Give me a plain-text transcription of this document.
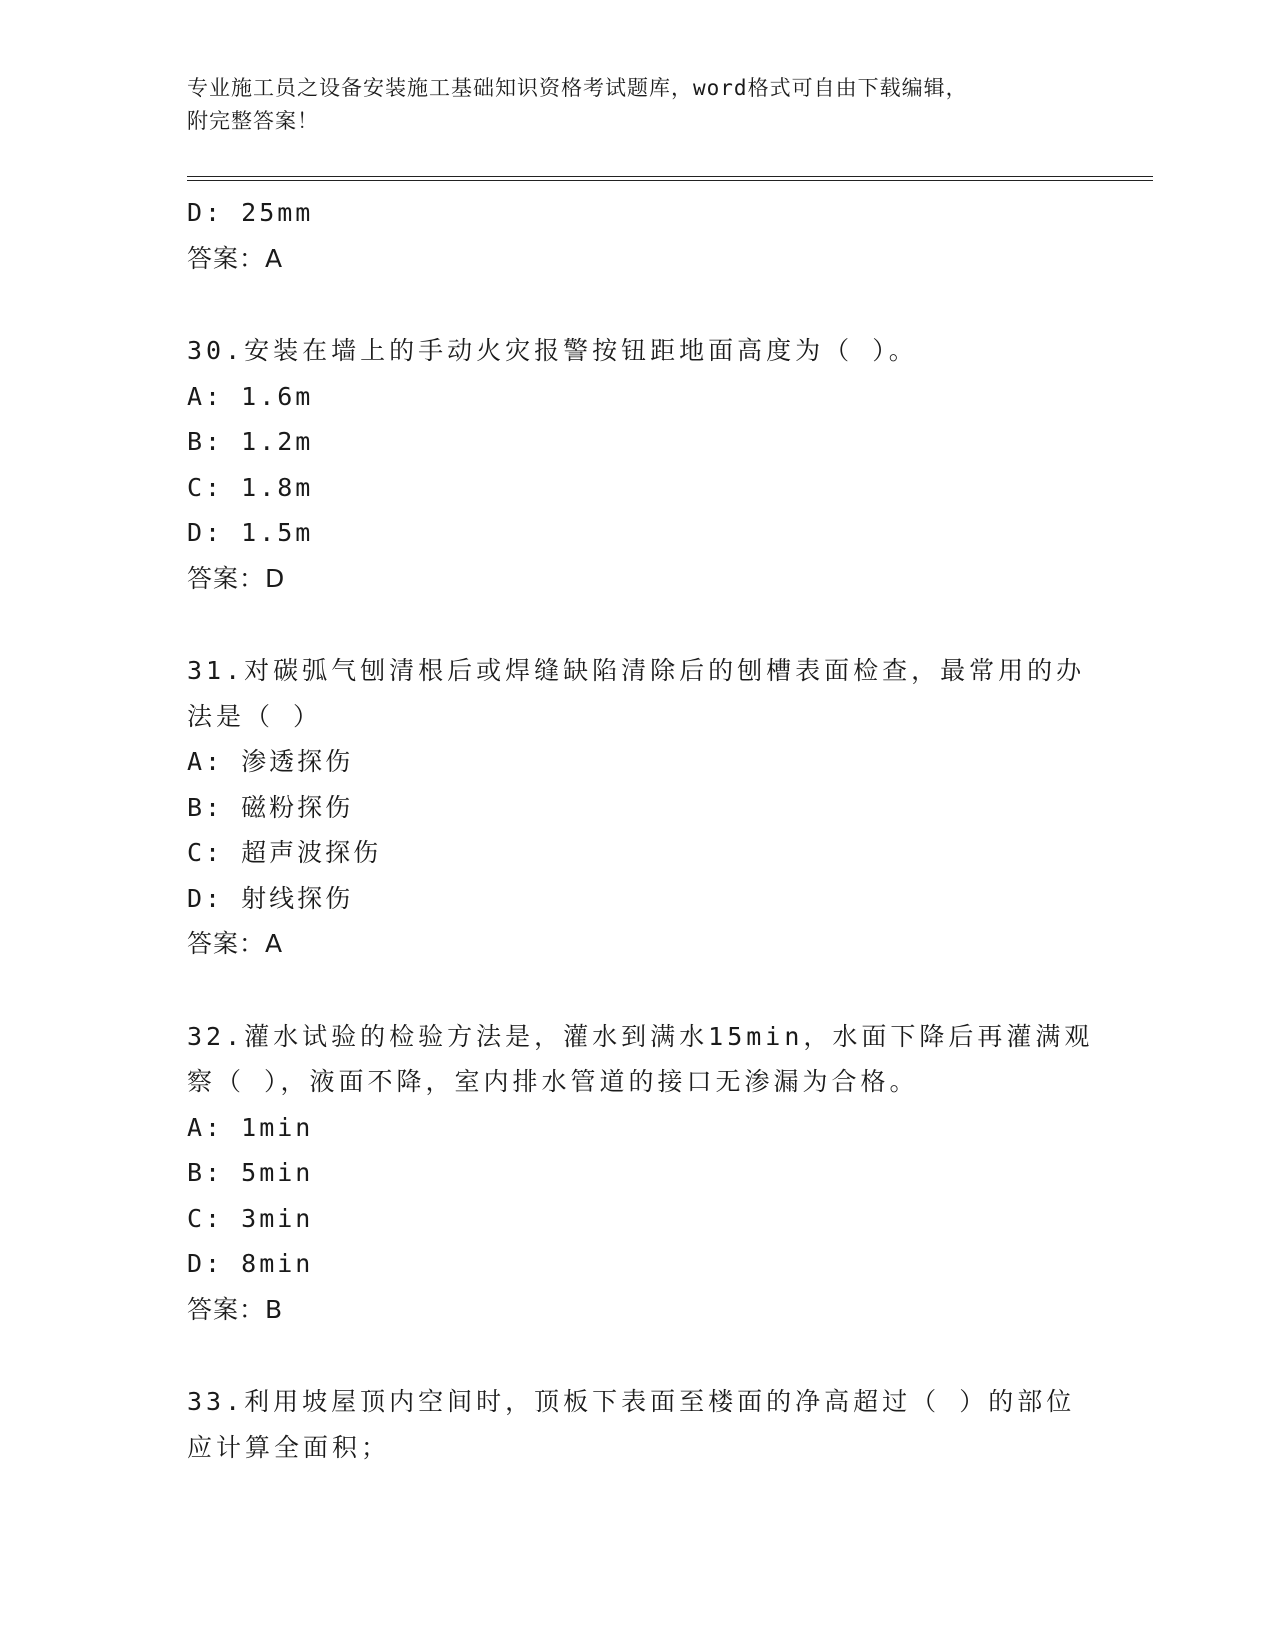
专业施工员之设备安装施工基础知识资格考试题库，word格式可自由下载编辑，
附完整答案！
D: 25mm
答案：A
30.安装在墙上的手动火灾报警按钮距地面高度为（ ）。
A: 1.6m
B: 1.2m
C: 1.8m
D: 1.5m
答案：D
31.对碳弧气刨清根后或焊缝缺陷清除后的刨槽表面检查，最常用的办
法是（ ）
A: 渗透探伤
B: 磁粉探伤
C: 超声波探伤
D: 射线探伤
答案：A
32.灌水试验的检验方法是，灌水到满水15min，水面下降后再灌满观
察（ ），液面不降，室内排水管道的接口无渗漏为合格。
A: 1min
B: 5min
C: 3min
D: 8min
答案：B
33.利用坡屋顶内空间时，顶板下表面至楼面的净高超过（ ）的部位
应计算全面积；
